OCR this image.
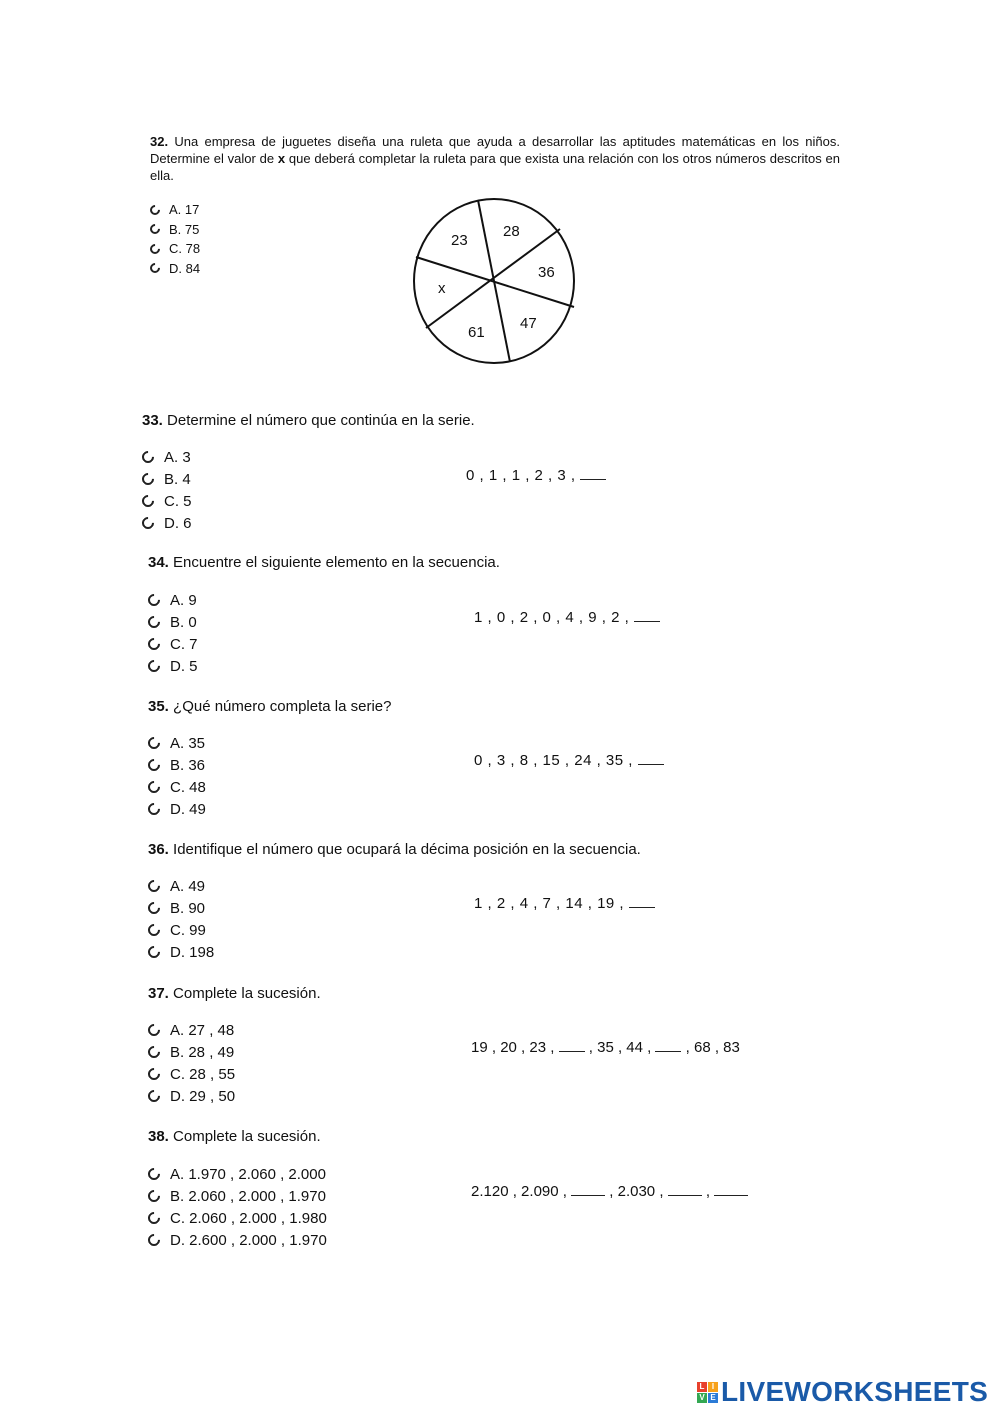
32. Una empresa de juguetes diseña una ruleta que ayuda a desarrollar las aptitudes matemáticas en los niños. Determine el valor de x que deberá completar la ruleta para que exista una relación con los otros números descritos en ella.
A. 17
B. 75
C. 78
D. 84
23
28
36
47
61
x
33. Determine el número que continúa en la serie.
A. 3
B. 4
C. 5
D. 6

0 , 1 , 1 , 2 , 3 ,

34. Encuentre el siguiente elemento en la secuencia.
A. 9
B. 0
C. 7
D. 5

1 , 0 , 2 , 0 , 4 , 9 , 2 ,

35. ¿Qué número completa la serie?
A. 35
B. 36
C. 48
D. 49

0 , 3 , 8 , 15 , 24 , 35 ,

36. Identifique el número que ocupará la décima posición en la secuencia.
A. 49
B. 90
C. 99
D. 198

1 , 2 , 4 , 7 , 14 , 19 ,

37. Complete la sucesión.
A. 27 , 48
B. 28 , 49
C. 28 , 55
D. 29 , 50

19 , 20 , 23 , , 35 , 44 , , 68 , 83

38. Complete la sucesión.
A. 1.970 , 2.060 , 2.000
B. 2.060 , 2.000 , 1.970
C. 2.060 , 2.000 , 1.980
D. 2.600 , 2.000 , 1.970

2.120 , 2.090 ,	, 2.030 ,	,

L I
V E LIVEWORKSHEETS
